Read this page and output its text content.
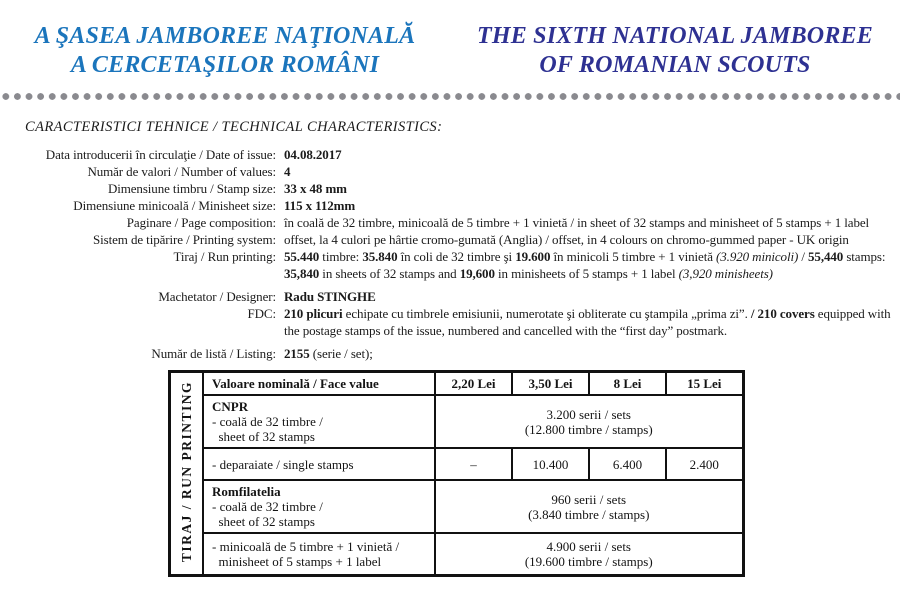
A ŞASEA JAMBOREE NAŢIONALĂ
A CERCETAŞILOR ROMÂNI
THE SIXTH NATIONAL JAMBOREE
OF ROMANIAN SCOUTS
CARACTERISTICI TEHNICE / TECHNICAL CHARACTERISTICS:
Data introducerii în circulaţie / Date of issue: 04.08.2017
Număr de valori / Number of values: 4
Dimensiune timbru / Stamp size: 33 x 48 mm
Dimensiune minicoală / Minisheet size: 115 x 112mm
Paginare / Page composition: în coală de 32 timbre, minicoală de 5 timbre + 1 vinietă / in sheet of 32 stamps and minisheet of 5 stamps + 1 label
Sistem de tipărire / Printing system: offset, la 4 culori pe hârtie cromo-gumată (Anglia) / offset, in 4 colours on chromo-gummed paper - UK origin
Tiraj / Run printing: 55.440 timbre: 35.840 în coli de 32 timbre şi 19.600 în minicoli 5 timbre + 1 vinietă (3.920 minicoli) / 55,440 stamps: 35,840 in sheets of 32 stamps and 19,600 in minisheets of 5 stamps + 1 label (3,920 minisheets)
Machetator / Designer: Radu STINGHE
FDC: 210 plicuri echipate cu timbrele emisiunii, numerotate şi obliterate cu ştampila „prima zi”. / 210 covers equipped with the postage stamps of the issue, numbered and cancelled with the “first day” postmark.
Număr de listă / Listing: 2155 (serie / set);
TIRAJ / RUN PRINTING	Valoare nominală / Face value	2,20 Lei	3,50 Lei	8 Lei	15 Lei
	CNPR
- coală de 32 timbre /
sheet of 32 stamps	3.200 serii / sets
(12.800 timbre / stamps)			
	- deparaiate / single stamps	–	10.400	6.400	2.400
	Romfilatelia
- coală de 32 timbre /
sheet of 32 stamps	960 serii / sets
(3.840 timbre / stamps)			
	- minicoală de 5 timbre + 1 vinietă /
minisheet of 5 stamps + 1 label	4.900 serii / sets
(19.600 timbre / stamps)			
